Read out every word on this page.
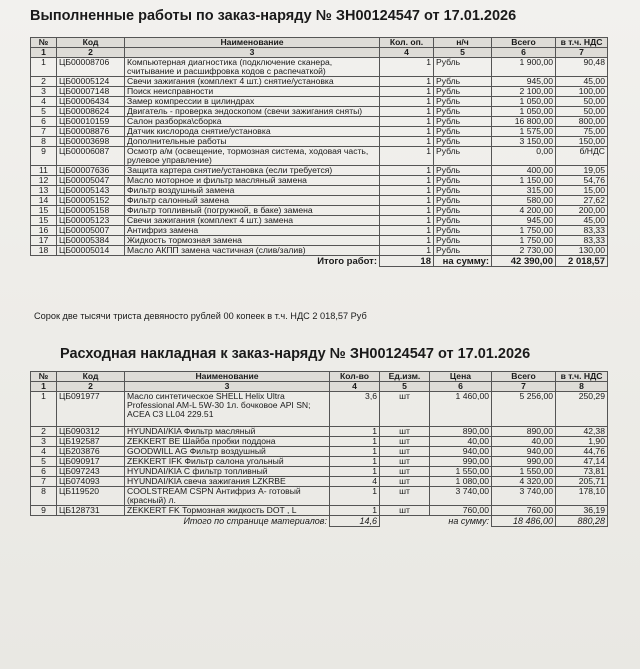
Выполненные работы по заказ-наряду № ЗН00124547 от 17.01.2026
№	Код	Наименование	Кол. оп.	н/ч	Всего	в т.ч. НДС
1	2	3	4	5	6	7
1	ЦБ00008706	Компьютерная диагностика (подключение сканера, считывание и расшифровка кодов с распечаткой)	1	Рубль	1 900,00	90,48
2	ЦБ00005124	Свечи зажигания (комплект 4 шт.) снятие/установка	1	Рубль	945,00	45,00
3	ЦБ00007148	Поиск неисправности	1	Рубль	2 100,00	100,00
4	ЦБ00006434	Замер компрессии в цилиндрах	1	Рубль	1 050,00	50,00
5	ЦБ00008624	Двигатель - проверка эндоскопом (свечи зажигания сняты)	1	Рубль	1 050,00	50,00
6	ЦБ00010159	Салон разборка\сборка	1	Рубль	16 800,00	800,00
7	ЦБ00008876	Датчик кислорода снятие/установка	1	Рубль	1 575,00	75,00
8	ЦБ00003698	Дополнительные работы	1	Рубль	3 150,00	150,00
9	ЦБ00006087	Осмотр а/м (освещение, тормозная система, ходовая часть, рулевое управление)	1	Рубль	0,00	б/НДС
11	ЦБ00007636	Защита картера снятие/установка (если требуется)	1	Рубль	400,00	19,05
12	ЦБ00005047	Масло моторное и фильтр масляный замена	1	Рубль	1 150,00	54,76
13	ЦБ00005143	Фильтр воздушный замена	1	Рубль	315,00	15,00
14	ЦБ00005152	Фильтр салонный замена	1	Рубль	580,00	27,62
15	ЦБ00005158	Фильтр топливный (погружной, в баке) замена	1	Рубль	4 200,00	200,00
15	ЦБ00005123	Свечи зажигания (комплект 4 шт.) замена	1	Рубль	945,00	45,00
16	ЦБ00005007	Антифриз замена	1	Рубль	1 750,00	83,33
17	ЦБ00005384	Жидкость тормозная замена	1	Рубль	1 750,00	83,33
18	ЦБ00005014	Масло АКПП замена частичная (слив/залив)	1	Рубль	2 730,00	130,00
Итого работ:			18	на сумму:	42 390,00	2 018,57
Сорок две тысячи триста девяносто рублей 00 копеек в т.ч. НДС 2 018,57 Руб
Расходная накладная к заказ-наряду № ЗН00124547 от 17.01.2026
№	Код	Наименование	Кол-во	Ед.изм.	Цена	Всего	в т.ч. НДС
1	2	3	4	5	6	7	8
1	ЦБ091977	Масло синтетическое SHELL Helix Ultra Professional AM-L 5W-30 1л. бочковое API SN; ACEA C3 LL04 229.51	3,6	шт	1 460,00	5 256,00	250,29
2	ЦБ090312	HYUNDAI/KIA Фильтр масляный	1	шт	890,00	890,00	42,38
3	ЦБ192587	ZEKKERT BE Шайба пробки поддона	1	шт	40,00	40,00	1,90
4	ЦБ203876	GOODWILL AG Фильтр воздушный	1	шт	940,00	940,00	44,76
5	ЦБ090917	ZEKKERT IFK Фильтр салона угольный	1	шт	990,00	990,00	47,14
6	ЦБ097243	HYUNDAI/KIA С фильтр топливный	1	шт	1 550,00	1 550,00	73,81
7	ЦБ074093	HYUNDAI/KIA свеча зажигания LZKRBE	4	шт	1 080,00	4 320,00	205,71
8	ЦБ119520	COOLSTREAM CSPN Антифриз А- готовый (красный) л.	1	шт	3 740,00	3 740,00	178,10
9	ЦБ128731	ZEKKERT FK Тормозная жидкость DOT , L	1	шт	760,00	760,00	36,19
Итого по странице материалов:			14,6	на сумму:		18 486,00	880,28
